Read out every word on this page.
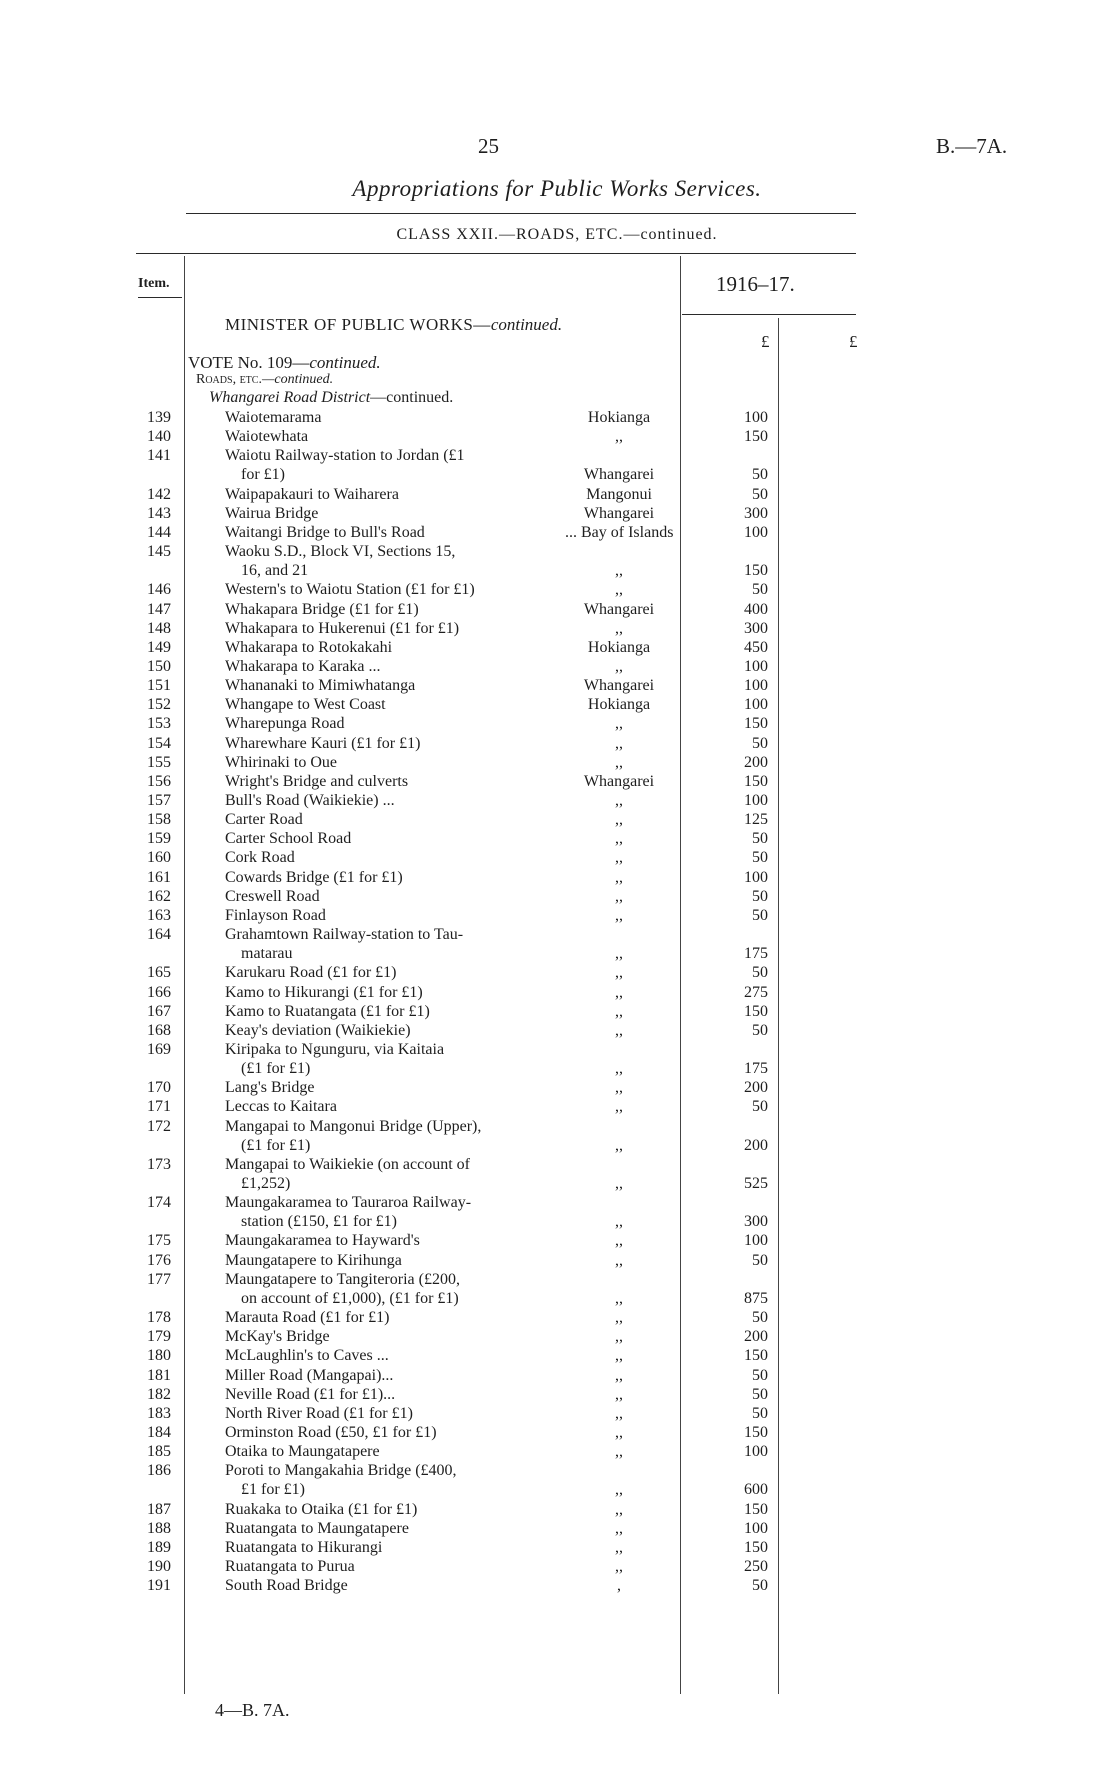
25	B.—7A.
Appropriations for Public Works Services.
CLASS XXII.—ROADS, ETC.—continued.
Item.	1916–17.
£	£
MINISTER OF PUBLIC WORKS—continued.
VOTE No. 109—continued.
Roads, etc.—continued.
Whangarei Road District—continued.
139	Waiotemarama	Hokianga	100
140	Waiotewhata	,,	150
141	Waiotu Railway-station to Jordan (£1
for £1)	Whangarei	50
142	Waipapakauri to Waiharera	Mangonui	50
143	Wairua Bridge	Whangarei	300
144	Waitangi Bridge to Bull's Road	... Bay of Islands	100
145	Waoku S.D., Block VI, Sections 15,
16, and 21	,,	150
146	Western's to Waiotu Station (£1 for £1)	,,	50
147	Whakapara Bridge (£1 for £1)	Whangarei	400
148	Whakapara to Hukerenui (£1 for £1)	,,	300
149	Whakarapa to Rotokakahi	Hokianga	450
150	Whakarapa to Karaka ...	,,	100
151	Whananaki to Mimiwhatanga	Whangarei	100
152	Whangape to West Coast	Hokianga	100
153	Wharepunga Road	,,	150
154	Wharewhare Kauri (£1 for £1)	,,	50
155	Whirinaki to Oue	,,	200
156	Wright's Bridge and culverts	Whangarei	150
157	Bull's Road (Waikiekie) ...	,,	100
158	Carter Road	,,	125
159	Carter School Road	,,	50
160	Cork Road	,,	50
161	Cowards Bridge (£1 for £1)	,,	100
162	Creswell Road	,,	50
163	Finlayson Road	,,	50
164	Grahamtown Railway-station to Tau-
matarau	,,	175
165	Karukaru Road (£1 for £1)	,,	50
166	Kamo to Hikurangi (£1 for £1)	,,	275
167	Kamo to Ruatangata (£1 for £1)	,,	150
168	Keay's deviation (Waikiekie)	,,	50
169	Kiripaka to Ngunguru, via Kaitaia
(£1 for £1)	,,	175
170	Lang's Bridge	,,	200
171	Leccas to Kaitara	,,	50
172	Mangapai to Mangonui Bridge (Upper),
(£1 for £1)	,,	200
173	Mangapai to Waikiekie (on account of
£1,252)	,,	525
174	Maungakaramea to Tauraroa Railway-
station (£150, £1 for £1)	,,	300
175	Maungakaramea to Hayward's	,,	100
176	Maungatapere to Kirihunga	,,	50
177	Maungatapere to Tangiteroria (£200,
on account of £1,000), (£1 for £1)	,,	875
178	Marauta Road (£1 for £1)	,,	50
179	McKay's Bridge	,,	200
180	McLaughlin's to Caves ...	,,	150
181	Miller Road (Mangapai)...	,,	50
182	Neville Road (£1 for £1)...	,,	50
183	North River Road (£1 for £1)	,,	50
184	Orminston Road (£50, £1 for £1)	,,	150
185	Otaika to Maungatapere	,,	100
186	Poroti to Mangakahia Bridge (£400,
£1 for £1)	,,	600
187	Ruakaka to Otaika (£1 for £1)	,,	150
188	Ruatangata to Maungatapere	,,	100
189	Ruatangata to Hikurangi	,,	150
190	Ruatangata to Purua	,,	250
191	South Road Bridge	,	50
4—B. 7A.
